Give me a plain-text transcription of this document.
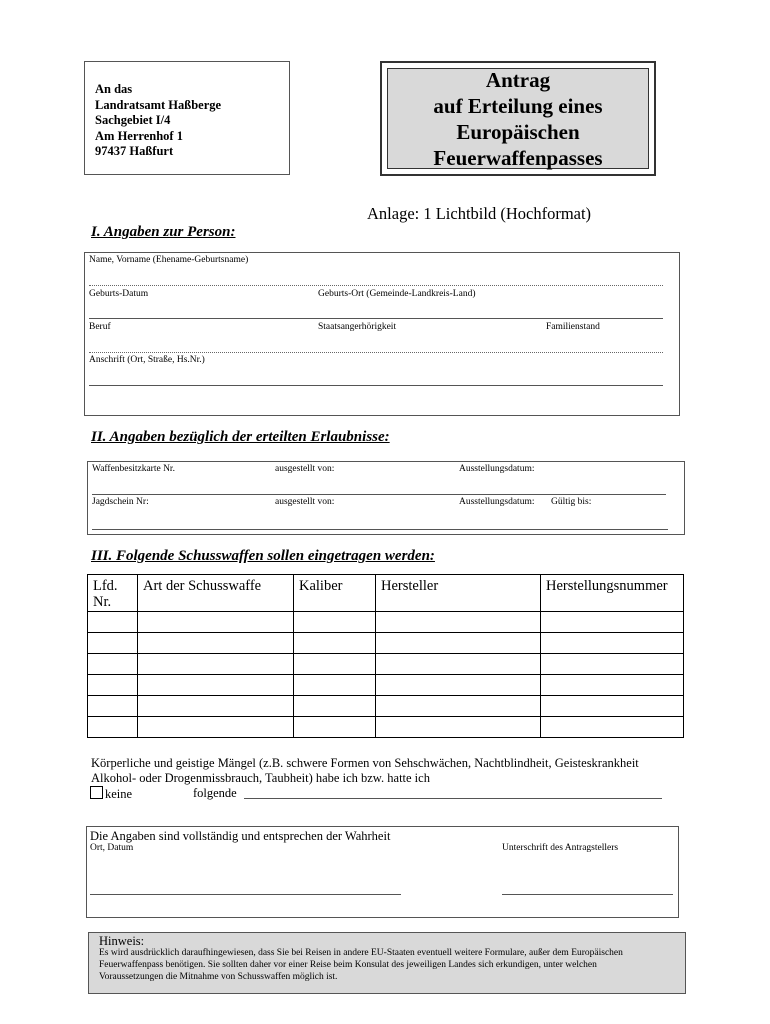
An das
Landratsamt Haßberge
Sachgebiet I/4
Am Herrenhof 1
97437 Haßfurt
Antrag
auf Erteilung eines
Europäischen
Feuerwaffenpasses
Anlage: 1 Lichtbild (Hochformat)
I. Angaben zur Person:
Name, Vorname (Ehename-Geburtsname)
Geburts-Datum	Geburts-Ort (Gemeinde-Landkreis-Land)
Beruf	Staatsangerhörigkeit	Familienstand
Anschrift (Ort, Straße, Hs.Nr.)
II. Angaben bezüglich der erteilten Erlaubnisse:
Waffenbesitzkarte Nr.	ausgestellt von:	Ausstellungsdatum:
Jagdschein Nr:	ausgestellt von:	Ausstellungsdatum: Gültig bis:
III. Folgende Schusswaffen sollen eingetragen werden:
Lfd. Nr.	Art der Schusswaffe	Kaliber	Hersteller	Herstellungsnummer

Körperliche und geistige Mängel (z.B. schwere Formen von Sehschwächen, Nachtblindheit, Geisteskrankheit
Alkohol- oder Drogenmissbrauch, Taubheit) habe ich bzw. hatte ich
keine	folgende
Die Angaben sind vollständig und entsprechen der Wahrheit
Ort, Datum	Unterschrift des Antragstellers
Hinweis:
Es wird ausdrücklich daraufhingewiesen, dass Sie bei Reisen in andere EU-Staaten eventuell weitere Formulare, außer dem Europäischen
Feuerwaffenpass benötigen. Sie sollten daher vor einer Reise beim Konsulat des jeweiligen Landes sich erkundigen, unter welchen
Voraussetzungen die Mitnahme von Schusswaffen möglich ist.
